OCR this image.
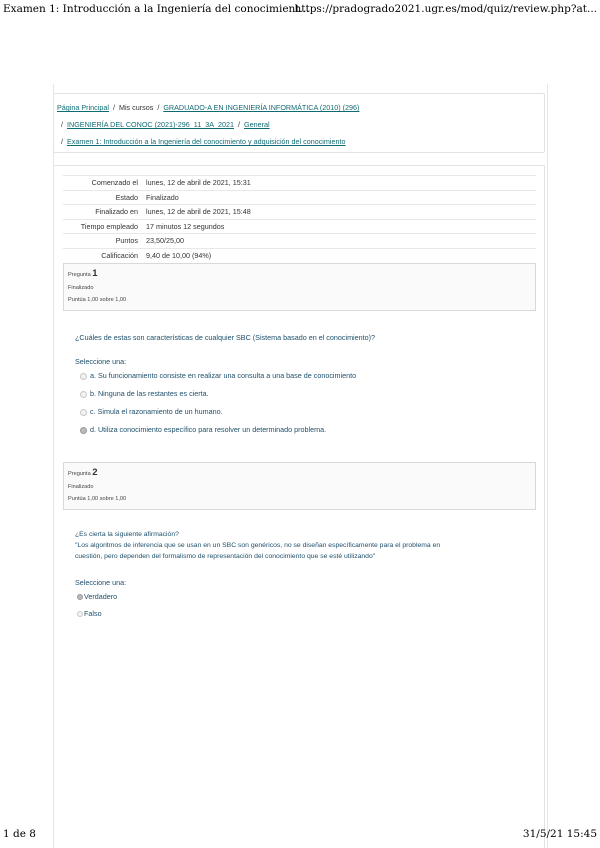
Examen 1: Introducción a la Ingeniería del conocimient...
https://pradogrado2021.ugr.es/mod/quiz/review.php?at...
Página Principal / Mis cursos / GRADUADO-A EN INGENIERÍA INFORMÁTICA (2010) (296)
/ INGENIERÍA DEL CONOC (2021)-296_11_3A_2021 / General
/ Examen 1: Introducción a la Ingeniería del conocimiento y adquisición del conocimiento
Comenzado el	lunes, 12 de abril de 2021, 15:31
Estado	Finalizado
Finalizado en	lunes, 12 de abril de 2021, 15:48
Tiempo empleado	17 minutos 12 segundos
Puntos	23,50/25,00
Calificación	9,40 de 10,00 (94%)
Pregunta 1
Finalizado
Puntúa 1,00 sobre 1,00
¿Cuáles de estas son características de cualquier SBC (Sistema basado en el conocimiento)?
Seleccione una:
a. Su funcionamiento consiste en realizar una consulta a una base de conocimiento
b. Ninguna de las restantes es cierta.
c. Simula el razonamiento de un humano.
d. Utiliza conocimiento específico para resolver un determinado problema.
Pregunta 2
Finalizado
Puntúa 1,00 sobre 1,00
¿Es cierta la siguiente afirmación?
"Los algoritmos de inferencia que se usan en un SBC son genéricos, no se diseñan específicamente para el problema en
cuestión, pero dependen del formalismo de representación del conocimiento que se esté utilizando"
Seleccione una:
Verdadero
Falso
1 de 8	31/5/21 15:45
